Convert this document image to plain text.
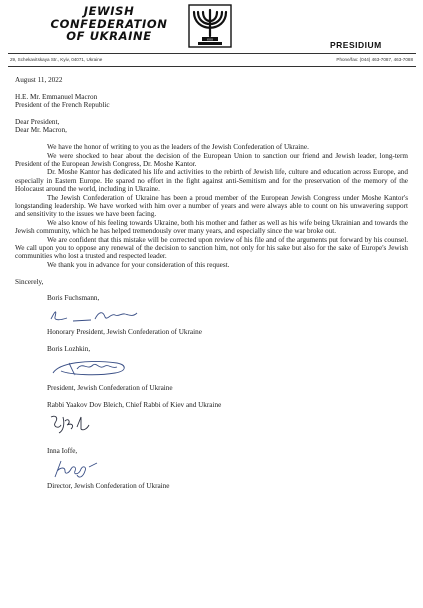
JEWISH
CONFEDERATION
OF UKRAINE	XXX
PRESIDIUM
29, Schekavitskaya Str., Kyiv, 04071, Ukraine	Phone/fax: (044) 463-7087, 463-7088

August 11, 2022

H.E. Mr. Emmanuel Macron

President of the French Republic

Dear President,

Dear Mr. Macron,

We have the honor of writing to you as the leaders of the Jewish Confederation of Ukraine.

We were shocked to hear about the decision of the European Union to sanction our friend and Jewish leader, long-term President of the European Jewish Congress, Dr. Moshe Kantor.

Dr. Moshe Kantor has dedicated his life and activities to the rebirth of Jewish life, culture and education across Europe, and especially in Eastern Europe. He spared no effort in the fight against anti-Semitism and for the preservation of the memory of the Holocaust around the world, including in Ukraine.

The Jewish Confederation of Ukraine has been a proud member of the European Jewish Congress under Moshe Kantor's longstanding leadership. We have worked with him over a number of years and were always able to count on his unwavering support and sensitivity to the issues we have been facing.

We also know of his feeling towards Ukraine, both his mother and father as well as his wife being Ukrainian and towards the Jewish community, which he has helped tremendously over many years, and especially since the war broke out.

We are confident that this mistake will be corrected upon review of his file and of the arguments put forward by his counsel. We call upon you to oppose any renewal of the decision to sanction him, not only for his sake but also for the sake of Europe's Jewish communities who lost a trusted and respected leader.

We thank you in advance for your consideration of this request.

Sincerely,

Boris Fuchsmann,

Honorary President, Jewish Confederation of Ukraine

Boris Lozhkin,

President, Jewish Confederation of Ukraine

Rabbi Yaakov Dov Bleich, Chief Rabbi of Kiev and Ukraine

Inna Ioffe,

Director, Jewish Confederation of Ukraine
